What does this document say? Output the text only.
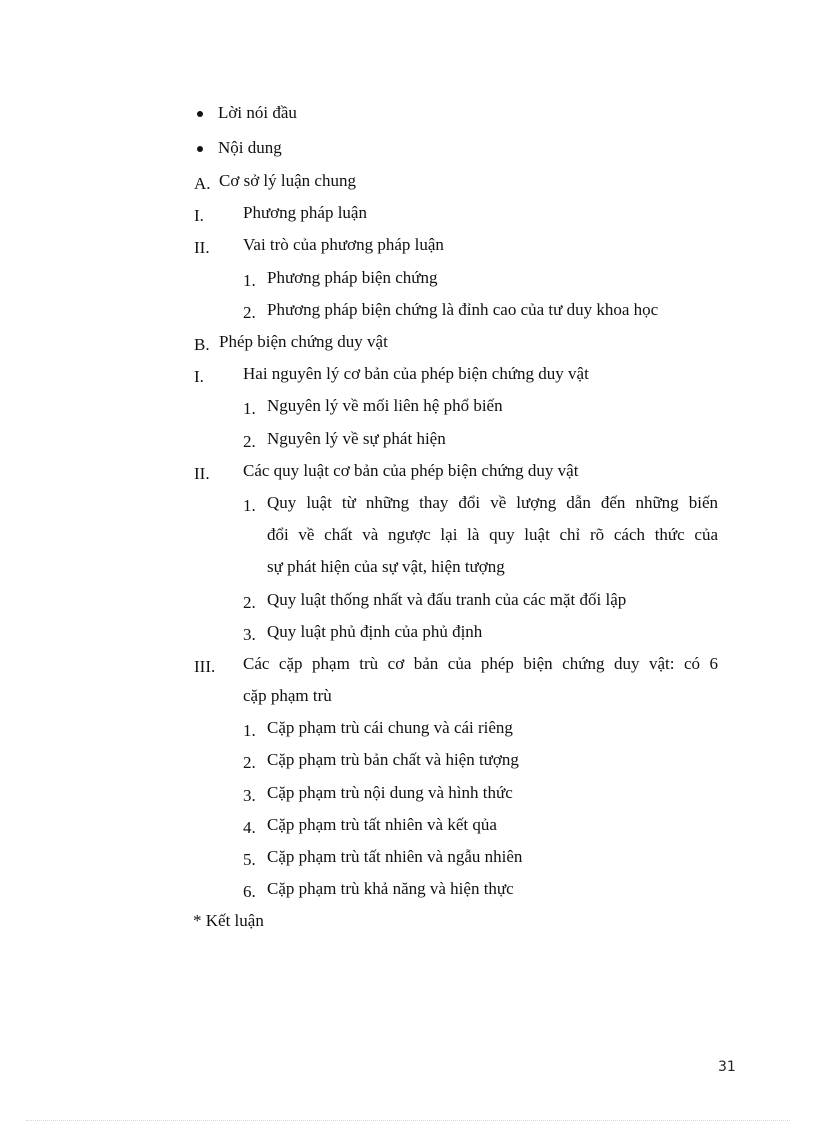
Lời nói đầu
Nội dung
A. Cơ sở lý luận chung
I. Phương pháp luận
II. Vai trò của phương pháp luận
1. Phương pháp biện chứng
2. Phương pháp biện chứng là đỉnh cao của tư duy khoa học
B. Phép biện chứng duy vật
I. Hai nguyên lý cơ bản của phép biện chứng duy vật
1. Nguyên lý về mối liên hệ phổ biến
2. Nguyên lý về sự phát hiện
II. Các quy luật cơ bản của phép biện chứng duy vật
1. Quy luật từ những thay đổi về lượng dẫn đến những biến
đổi về chất và ngược lại là quy luật chỉ rõ cách thức của
sự phát hiện của sự vật, hiện tượng
2. Quy luật thống nhất và đấu tranh của các mặt đối lập
3. Quy luật phủ định của phủ định
III. Các cặp phạm trù cơ bản của phép biện chứng duy vật: có 6
cặp phạm trù
1. Cặp phạm trù cái chung và cái riêng
2. Cặp phạm trù bản chất và hiện tượng
3. Cặp phạm trù nội dung và hình thức
4. Cặp phạm trù tất nhiên và kết qủa
5. Cặp phạm trù tất nhiên và ngẫu nhiên
6. Cặp phạm trù khả năng và hiện thực
* Kết luận
31
